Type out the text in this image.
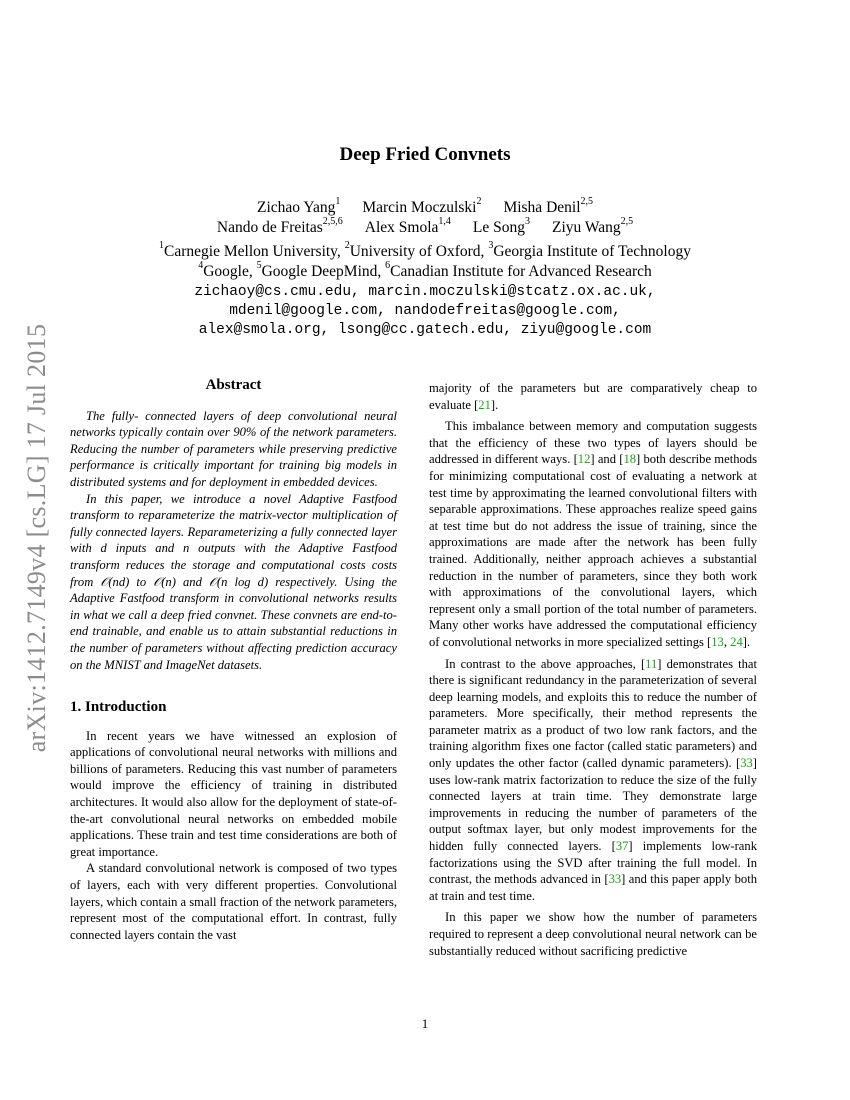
arXiv:1412.7149v4 [cs.LG] 17 Jul 2015
Deep Fried Convnets
Zichao Yang$^1$ Marcin Moczulski$^2$ Misha Denil$^{2,5}$
Nando de Freitas$^{2,5,6}$ Alex Smola$^{1,4}$ Le Song$^3$ Ziyu Wang$^{2,5}$
$^1$Carnegie Mellon University, $^2$University of Oxford, $^3$Georgia Institute of Technology
$^4$Google, $^5$Google DeepMind, $^6$Canadian Institute for Advanced Research
zichaoy@cs.cmu.edu, marcin.moczulski@stcatz.ox.ac.uk,
mdenil@google.com, nandodefreitas@google.com,
alex@smola.org, lsong@cc.gatech.edu, ziyu@google.com
Abstract

The fully- connected layers of deep convolutional neural networks typically contain over 90% of the network parameters. Reducing the number of parameters while preserving predictive performance is critically important for training big models in distributed systems and for deployment in embedded devices.

In this paper, we introduce a novel Adaptive Fastfood transform to reparameterize the matrix-vector multiplication of fully connected layers. Reparameterizing a fully connected layer with d inputs and n outputs with the Adaptive Fastfood transform reduces the storage and computational costs costs from 𝒪(nd) to 𝒪(n) and 𝒪(n log d) respectively. Using the Adaptive Fastfood transform in convolutional networks results in what we call a deep fried convnet. These convnets are end-to-end trainable, and enable us to attain substantial reductions in the number of parameters without affecting prediction accuracy on the MNIST and ImageNet datasets.

1. Introduction

In recent years we have witnessed an explosion of applications of convolutional neural networks with millions and billions of parameters. Reducing this vast number of parameters would improve the efficiency of training in distributed architectures. It would also allow for the deployment of state-of-the-art convolutional neural networks on embedded mobile applications. These train and test time considerations are both of great importance.

A standard convolutional network is composed of two types of layers, each with very different properties. Convolutional layers, which contain a small fraction of the network parameters, represent most of the computational effort. In contrast, fully connected layers contain the vast

majority of the parameters but are comparatively cheap to evaluate [21].

This imbalance between memory and computation suggests that the efficiency of these two types of layers should be addressed in different ways. [12] and [18] both describe methods for minimizing computational cost of evaluating a network at test time by approximating the learned convolutional filters with separable approximations. These approaches realize speed gains at test time but do not address the issue of training, since the approximations are made after the network has been fully trained. Additionally, neither approach achieves a substantial reduction in the number of parameters, since they both work with approximations of the convolutional layers, which represent only a small portion of the total number of parameters. Many other works have addressed the computational efficiency of convolutional networks in more specialized settings [13, 24].

In contrast to the above approaches, [11] demonstrates that there is significant redundancy in the parameterization of several deep learning models, and exploits this to reduce the number of parameters. More specifically, their method represents the parameter matrix as a product of two low rank factors, and the training algorithm fixes one factor (called static parameters) and only updates the other factor (called dynamic parameters). [33] uses low-rank matrix factorization to reduce the size of the fully connected layers at train time. They demonstrate large improvements in reducing the number of parameters of the output softmax layer, but only modest improvements for the hidden fully connected layers. [37] implements low-rank factorizations using the SVD after training the full model. In contrast, the methods advanced in [33] and this paper apply both at train and test time.

In this paper we show how the number of parameters required to represent a deep convolutional neural network can be substantially reduced without sacrificing predictive

1
